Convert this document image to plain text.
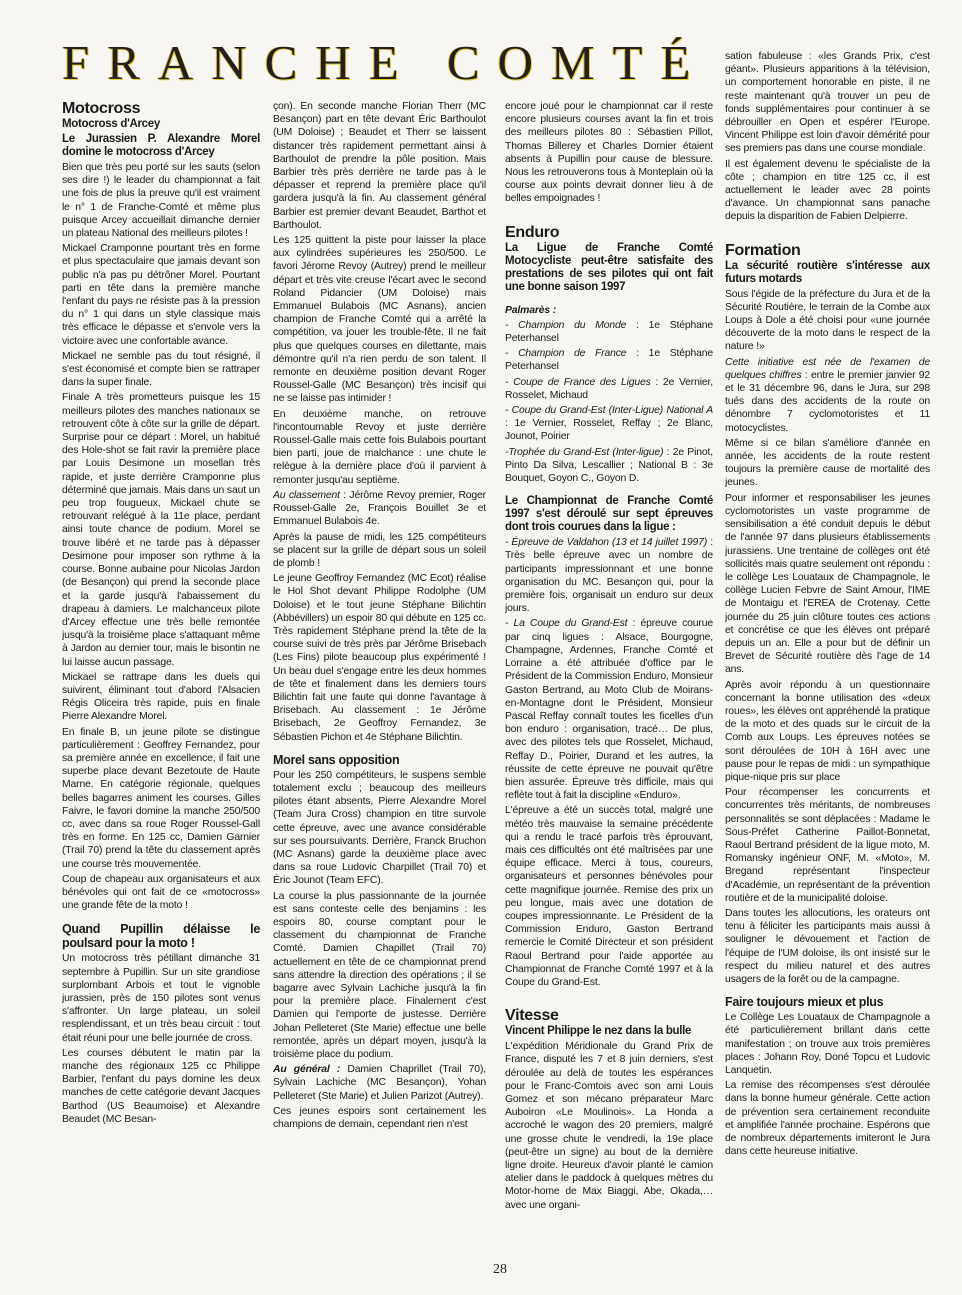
FRANCHE COMTÉ
Motocross
Motocross d'Arcey
Le Jurassien P. Alexandre Morel domine le motocross d'Arcey

Bien que très peu porté sur les sauts (selon ses dire !) le leader du championnat a fait une fois de plus la preuve qu'il est vraiment le n° 1 de Franche-Comté et même plus puisque Arcey accueillait dimanche dernier un plateau National des meilleurs pilotes !

Mickael Cramponne pourtant très en forme et plus spectaculaire que jamais devant son public n'a pas pu détrôner Morel. Pourtant parti en tête dans la première manche l'enfant du pays ne résiste pas à la pression du n° 1 qui dans un style classique mais très efficace le dépasse et s'envole vers la victoire avec une confortable avance.

Mickael ne semble pas du tout résigné, il s'est économisé et compte bien se rattraper dans la super finale.

Finale A très prometteurs puisque les 15 meilleurs pilotes des manches nationaux se retrouvent côte à côte sur la grille de départ. Surprise pour ce départ : Morel, un habitué des Hole-shot se fait ravir la première place par Louis Desimone un mosellan très rapide, et juste derrière Cramponne plus déterminé que jamais. Mais dans un saut un peu trop fougueux, Mickael chute se retrouvant relégué à la 11e place, perdant ainsi toute chance de podium. Morel se trouve libéré et ne tarde pas à dépasser Desimone pour imposer son rythme à la course. Bonne aubaine pour Nicolas Jardon (de Besançon) qui prend la seconde place et la garde jusqu'à l'abaissement du drapeau à damiers. Le malchanceux pilote d'Arcey effectue une très belle remontée jusqu'à la troisième place s'attaquant même à Jardon au dernier tour, mais le bisontin ne lui laisse aucun passage.

Mickael se rattrape dans les duels qui suivirent, éliminant tout d'abord l'Alsacien Régis Oliceira très rapide, puis en finale Pierre Alexandre Morel.

En finale B, un jeune pilote se distingue particulièrement : Geoffrey Fernandez, pour sa première année en excellence, il fait une superbe place devant Bezetoute de Haute Marne. En catégorie régionale, quelques belles bagarres animent les courses. Gilles Faivre, le favori domine la manche 250/500 cc, avec dans sa roue Roger Roussel-Gall très en forme. En 125 cc, Damien Garnier (Trail 70) prend la tête du classement après une course très mouvementée.

Coup de chapeau aux organisateurs et aux bénévoles qui ont fait de ce «motocross» une grande fête de la moto !

Quand Pupillin délaisse le poulsard pour la moto !

Un motocross très pétillant dimanche 31 septembre à Pupillin. Sur un site grandiose surplombant Arbois et tout le vignoble jurassien, près de 150 pilotes sont venus s'affronter. Un large plateau, un soleil resplendissant, et un très beau circuit : tout était réuni pour une belle journée de cross.

Les courses débutent le matin par la manche des régionaux 125 cc Philippe Barbier, l'enfant du pays domine les deux manches de cette catégorie devant Jacques Barthod (US Beaumoise) et Alexandre Beaudet (MC Besan-

çon). En seconde manche Florian Therr (MC Besançon) part en tête devant Éric Barthoulot (UM Doloise) ; Beaudet et Therr se laissent distancer très rapidement permettant ainsi à Barthoulot de prendre la pôle position. Mais Barbier très près derrière ne tarde pas à le dépasser et reprend la première place qu'il gardera jusqu'à la fin. Au classement général Barbier est premier devant Beaudet, Barthot et Barthoulot.

Les 125 quittent la piste pour laisser la place aux cylindrées supérieures les 250/500. Le favori Jérome Revoy (Autrey) prend le meilleur départ et très vite creuse l'écart avec le second Roland Pidancier (UM Doloise) mais Emmanuel Bulabois (MC Asnans), ancien champion de Franche Comté qui a arrêté la compétition, va jouer les trouble-fête. Il ne fait plus que quelques courses en dilettante, mais démontre qu'il n'a rien perdu de son talent. Il remonte en deuxième position devant Roger Roussel-Galle (MC Besançon) très incisif qui ne se laisse pas intimider !

En deuxième manche, on retrouve l'incontournable Revoy et juste derrière Roussel-Galle mais cette fois Bulabois pourtant bien parti, joue de malchance : une chute le relègue à la dernière place d'où il parvient à remonter jusqu'au septième.

Au classement : Jérôme Revoy premier, Roger Roussel-Galle 2e, François Bouillet 3e et Emmanuel Bulabois 4e.

Après la pause de midi, les 125 compétiteurs se placent sur la grille de départ sous un soleil de plomb !

Le jeune Geoffroy Fernandez (MC Ecot) réalise le Hol Shot devant Philippe Rodolphe (UM Doloise) et le tout jeune Stéphane Bilichtin (Abbévillers) un espoir 80 qui débute en 125 cc. Très rapidement Stéphane prend la tête de la course suivi de très près par Jérôme Brisebach (Les Fins) pilote beaucoup plus expérimenté ! Un beau duel s'engage entre les deux hommes de tête et finalement dans les derniers tours Bilichtin fait une faute qui donne l'avantage à Brisebach. Au classement : 1e Jérôme Brisebach, 2e Geoffroy Fernandez, 3e Sébastien Pichon et 4e Stéphane Bilichtin.

Morel sans opposition

Pour les 250 compétiteurs, le suspens semble totalement exclu ; beaucoup des meilleurs pilotes étant absents, Pierre Alexandre Morel (Team Jura Cross) champion en titre survole cette épreuve, avec une avance considérable sur ses poursuivants. Derrière, Franck Bruchon (MC Asnans) garde la deuxième place avec dans sa roue Ludovic Charpillet (Trail 70) et Éric Jounot (Team EFC).

La course la plus passionnante de la journée est sans conteste celle des benjamins : les espoirs 80, course comptant pour le classement du championnat de Franche Comté. Damien Chapillet (Trail 70) actuellement en tête de ce championnat prend sans attendre la direction des opérations ; il se bagarre avec Sylvain Lachiche jusqu'à la fin pour la première place. Finalement c'est Damien qui l'emporte de justesse. Derrière Johan Pelleteret (Ste Marie) effectue une belle remontée, après un départ moyen, jusqu'à la troisième place du podium.

Au général : Damien Chaprillet (Trail 70), Sylvain Lachiche (MC Besançon), Yohan Pelleteret (Ste Marie) et Julien Parizot (Autrey).

Ces jeunes espoirs sont certainement les champions de demain, cependant rien n'est

encore joué pour le championnat car il reste encore plusieurs courses avant la fin et trois des meilleurs pilotes 80 : Sébastien Pillot, Thomas Billerey et Charles Dornier étaient absents à Pupillin pour cause de blessure. Nous les retrouverons tous à Monteplain où la course aux points devrait donner lieu à de belles empoignades !

Enduro
La Ligue de Franche Comté Motocycliste peut-être satisfaite des prestations de ses pilotes qui ont fait une bonne saison 1997

Palmarès :

- Champion du Monde : 1e Stéphane Peterhansel

- Champion de France : 1e Stéphane Peterhansel

- Coupe de France des Ligues : 2e Vernier, Rosselet, Michaud

- Coupe du Grand-Est (Inter-Ligue) National A : 1e Vernier, Rosselet, Reffay ; 2e Blanc, Jounot, Poirier

-Trophée du Grand-Est (Inter-ligue) : 2e Pinot, Pinto Da Silva, Lescallier ; National B : 3e Bouquet, Goyon C., Goyon D.

Le Championnat de Franche Comté 1997 s'est déroulé sur sept épreuves dont trois courues dans la ligue :

- Épreuve de Valdahon (13 et 14 juillet 1997) : Très belle épreuve avec un nombre de participants impressionnant et une bonne organisation du MC. Besançon qui, pour la première fois, organisait un enduro sur deux jours.

- La Coupe du Grand-Est : épreuve courue par cinq ligues : Alsace, Bourgogne, Champagne, Ardennes, Franche Comté et Lorraine a été attribuée d'office par le Président de la Commission Enduro, Monsieur Gaston Bertrand, au Moto Club de Moirans-en-Montagne dont le Président, Monsieur Pascal Reffay connaît toutes les ficelles d'un bon enduro : organisation, tracé… De plus, avec des pilotes tels que Rosselet, Michaud, Reffay D., Poirier, Durand et les autres, la réussite de cette épreuve ne pouvait qu'être bien assurée. Épreuve très difficile, mais qui reflète tout à fait la discipline «Enduro».

L'épreuve a été un succès total, malgré une météo très mauvaise la semaine précédente qui a rendu le tracé parfois très éprouvant, mais ces difficultés ont été maîtrisées par une équipe efficace. Merci à tous, coureurs, organisateurs et personnes bénévoles pour cette magnifique journée. Remise des prix un peu longue, mais avec une dotation de coupes impressionnante. Le Président de la Commission Enduro, Gaston Bertrand remercie le Comité Directeur et son président Raoul Bertrand pour l'aide apportée au Championnat de Franche Comté 1997 et à la Coupe du Grand-Est.

Vitesse
Vincent Philippe le nez dans la bulle

L'expédition Méridionale du Grand Prix de France, disputé les 7 et 8 juin derniers, s'est déroulée au delà de toutes les espérances pour le Franc-Comtois avec son ami Louis Gomez et son mécano préparateur Marc Auboiron «Le Moulinois». La Honda a accroché le wagon des 20 premiers, malgré une grosse chute le vendredi, la 19e place (peut-être un signe) au bout de la dernière ligne droite. Heureux d'avoir planté le camion atelier dans le paddock à quelques mètres du Motor-home de Max Biaggi, Abe, Okada,… avec une organi-

sation fabuleuse : «les Grands Prix, c'est géant». Plusieurs apparitions à la télévision, un comportement honorable en piste, il ne reste maintenant qu'à trouver un peu de fonds supplémentaires pour continuer à se débrouiller en Open et espérer l'Europe. Vincent Philippe est loin d'avoir démérité pour ses premiers pas dans une course mondiale.

Il est également devenu le spécialiste de la côte ; champion en titre 125 cc, il est actuellement le leader avec 28 points d'avance. Un championnat sans panache depuis la disparition de Fabien Delpierre.

Formation
La sécurité routière s'intéresse aux futurs motards

Sous l'égide de la préfecture du Jura et de la Sécurité Routière, le terrain de la Combe aux Loups à Dole a été choisi pour «une journée découverte de la moto dans le respect de la nature !»

Cette initiative est née de l'examen de quelques chiffres : entre le premier janvier 92 et le 31 décembre 96, dans le Jura, sur 298 tués dans des accidents de la route on dénombre 7 cyclomotoristes et 11 motocyclistes.

Même si ce bilan s'améliore d'année en année, les accidents de la route restent toujours la première cause de mortalité des jeunes.

Pour informer et responsabiliser les jeunes cyclomotoristes un vaste programme de sensibilisation a été conduit depuis le début de l'année 97 dans plusieurs établissements jurassiens. Une trentaine de collèges ont été sollicités mais quatre seulement ont répondu : le collège Les Louataux de Champagnole, le collège Lucien Febvre de Saint Amour, l'IME de Montaigu et l'EREA de Crotenay. Cette journée du 25 juin clôture toutes ces actions et concrétise ce que les élèves ont préparé depuis un an. Elle a pour but de définir un Brevet de Sécurité routière dès l'age de 14 ans.

Après avoir répondu à un questionnaire concernant la bonne utilisation des «deux roues», les élèves ont appréhendé la pratique de la moto et des quads sur le circuit de la Comb aux Loups. Les épreuves notées se sont déroulées de 10H à 16H avec une pause pour le repas de midi : un sympathique pique-nique pris sur place

Pour récompenser les concurrents et concurrentes très méritants, de nombreuses personnalités se sont déplacées : Madame le Sous-Préfet Catherine Paillot-Bonnetat, Raoul Bertrand président de la ligue moto, M. Romansky ingénieur ONF, M. «Moto», M. Bregand représentant l'inspecteur d'Académie, un représentant de la prévention routière et de la municipalité doloise.

Dans toutes les allocutions, les orateurs ont tenu à féliciter les participants mais aussi à souligner le dévouement et l'action de l'équipe de l'UM doloise, ils ont insisté sur le respect du milieu naturel et des autres usagers de la forêt ou de la campagne.

Faire toujours mieux et plus

Le Collège Les Louataux de Champagnole a été particulièrement brillant dans cette manifestation ; on trouve aux trois premières places : Johann Roy, Doné Topcu et Ludovic Lanquetin.

La remise des récompenses s'est déroulée dans la bonne humeur générale. Cette action de prévention sera certainement reconduite et amplifiée l'année prochaine. Espérons que de nombreux départements imiteront le Jura dans cette heureuse initiative.

28
